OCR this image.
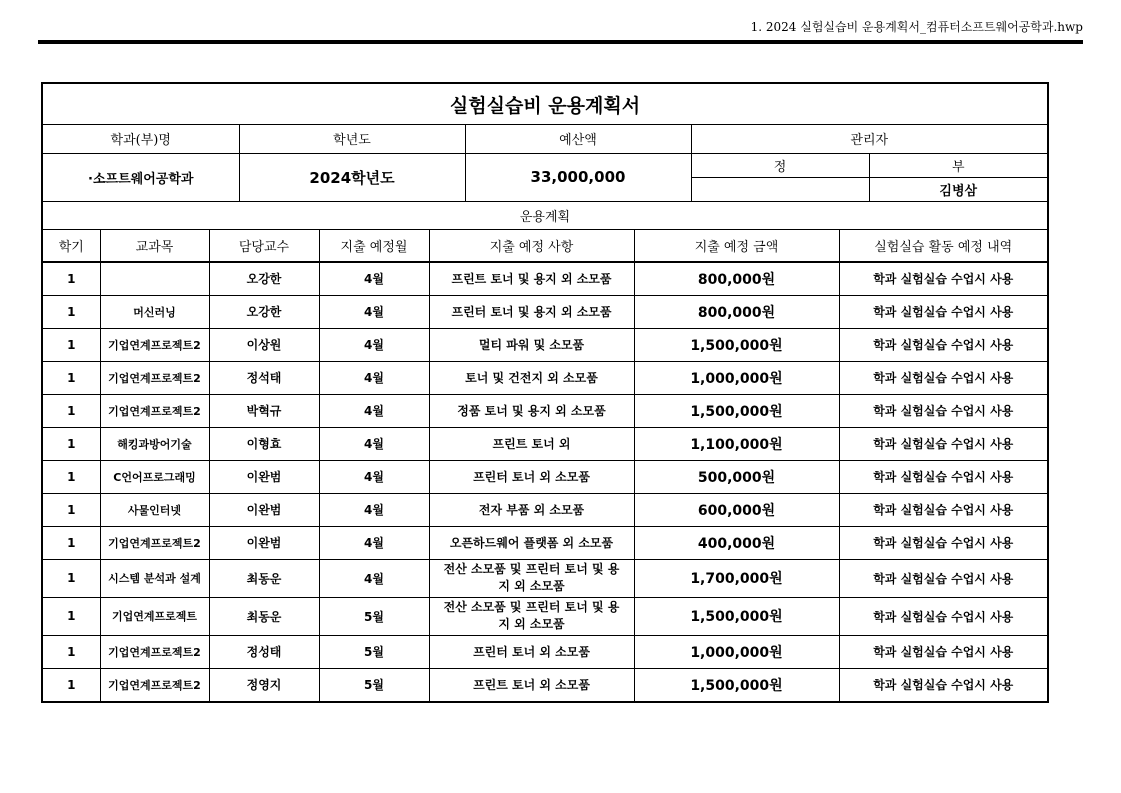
1. 2024 실험실습비 운용계획서_컴퓨터소프트웨어공학과.hwp
실험실습비 운용계획서
학과(부)명	학년도	예산액	관리자	
·소프트웨어공학과	2024학년도	33,000,000	정	부
				김병삼
운용계획				
학기	교과목	담당교수	지출 예정월	지출 예정 사항	지출 예정 금액	실험실습 활동 예정 내역
1		오강한	4월	프린트 토너 및 용지 외 소모품	800,000원	학과 실험실습 수업시 사용
1	머신러닝	오강한	4월	프린터 토너 및 용지 외 소모품	800,000원	학과 실험실습 수업시 사용
1	기업연계프로젝트2	이상원	4월	멀티 파워 및 소모품	1,500,000원	학과 실험실습 수업시 사용
1	기업연계프로젝트2	정석태	4월	토너 및 건전지 외 소모품	1,000,000원	학과 실험실습 수업시 사용
1	기업연계프로젝트2	박혁규	4월	정품 토너 및 용지 외 소모품	1,500,000원	학과 실험실습 수업시 사용
1	해킹과방어기술	이형효	4월	프린트 토너 외	1,100,000원	학과 실험실습 수업시 사용
1	C언어프로그래밍	이완범	4월	프린터 토너 외 소모품	500,000원	학과 실험실습 수업시 사용
1	사물인터넷	이완범	4월	전자 부품 외 소모품	600,000원	학과 실험실습 수업시 사용
1	기업연계프로젝트2	이완범	4월	오픈하드웨어 플랫폼 외 소모품	400,000원	학과 실험실습 수업시 사용
1	시스템 분석과 설계	최동운	4월	전산 소모품 및 프린터 토너 및 용지 외 소모품	1,700,000원	학과 실험실습 수업시 사용
1	기업연계프로젝트	최동운	5월	전산 소모품 및 프린터 토너 및 용지 외 소모품	1,500,000원	학과 실험실습 수업시 사용
1	기업연계프로젝트2	정성태	5월	프린터 토너 외 소모품	1,000,000원	학과 실험실습 수업시 사용
1	기업연계프로젝트2	정영지	5월	프린트 토너 외 소모품	1,500,000원	학과 실험실습 수업시 사용
